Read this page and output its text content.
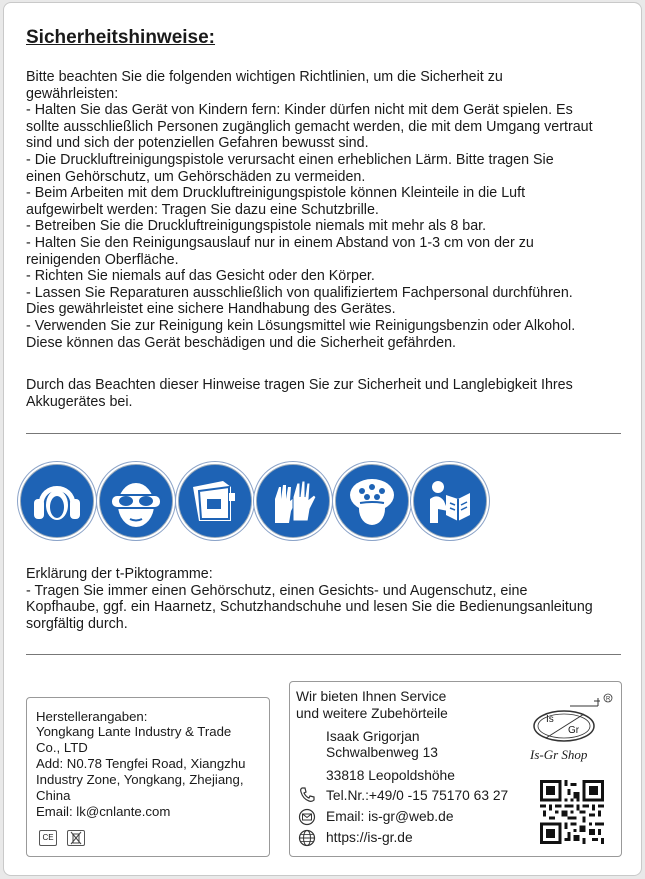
Sicherheitshinweise:
Bitte beachten Sie die folgenden wichtigen Richtlinien, um die Sicherheit zu
gewährleisten:
- Halten Sie das Gerät von Kindern fern: Kinder dürfen nicht mit dem Gerät spielen. Es
sollte ausschließlich Personen zugänglich gemacht werden, die mit dem Umgang vertraut
sind und sich der potenziellen Gefahren bewusst sind.
- Die Druckluftreinigungspistole verursacht einen erheblichen Lärm. Bitte tragen Sie
einen Gehörschutz, um Gehörschäden zu vermeiden.
- Beim Arbeiten mit dem Druckluftreinigungspistole können Kleinteile in die Luft
aufgewirbelt werden: Tragen Sie dazu eine Schutzbrille.
- Betreiben Sie die Druckluftreinigungspistole niemals mit mehr als 8 bar.
- Halten Sie den Reinigungsauslauf nur in einem Abstand von 1-3 cm von der zu
reinigenden Oberfläche.
- Richten Sie niemals auf das Gesicht oder den Körper.
- Lassen Sie Reparaturen ausschließlich von qualifiziertem Fachpersonal durchführen.
Dies gewährleistet eine sichere Handhabung des Gerätes.
- Verwenden Sie zur Reinigung kein Lösungsmittel wie Reinigungsbenzin oder Alkohol.
Diese können das Gerät beschädigen und die Sicherheit gefährden.
Durch das Beachten dieser Hinweise tragen Sie zur Sicherheit und Langlebigkeit Ihres
Akkugerätes bei.
Erklärung der t-Piktogramme:
- Tragen Sie immer einen Gehörschutz, einen Gesichts- und Augenschutz, eine
Kopfhaube, ggf. ein Haarnetz, Schutzhandschuhe und lesen Sie die Bedienungsanleitung
sorgfältig durch.
Herstellerangaben:
Yongkang Lante Industry & Trade
Co., LTD
Add: N0.78 Tengfei Road, Xiangzhu
Industry Zone, Yongkang, Zhejiang,
China
Email: lk@cnlante.com
CE
Wir bieten Ihnen Service
und weitere Zubehörteile
Isaak Grigorjan
Schwalbenweg 13
33818 Leopoldshöhe
Tel.Nr.:+49/0 -15 75170 63 27
Email: is-gr@web.de
https://is-gr.de
R
Is
Gr
Is-Gr Shop
